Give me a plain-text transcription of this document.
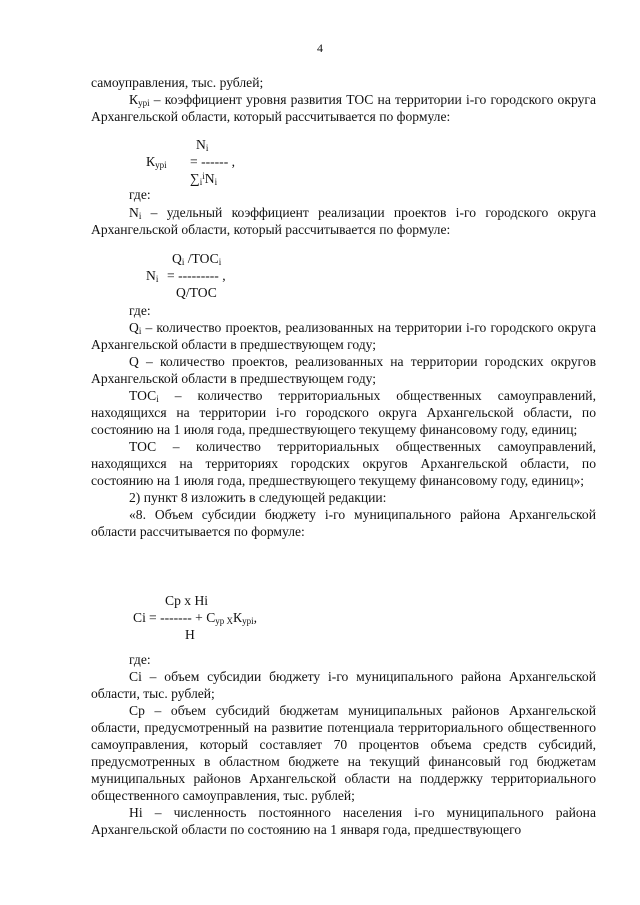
4

самоуправления, тыс. рублей;

$К_{урі}$ – коэффициент уровня развития ТОС на территории і-го городского округа Архангельской области, который рассчитывается по формуле:

$N_i$
$К_{урі}$ = ------ ,
$\sum_i^iN_i$

где:

$N_i$ – удельный коэффициент реализации проектов і-го городского округа Архангельской области, который рассчитывается по формуле:

$Q_i$ $/ТОС_i$
$N_i$ = --------- ,
Q/ТОС

где:

$Q_i$ – количество проектов, реализованных на территории і-го городского округа Архангельской области в предшествующем году;

Q – количество проектов, реализованных на территории городских округов Архангельской области в предшествующем году;

$ТОС_і$ – количество территориальных общественных самоуправлений, находящихся на территории і-го городского округа Архангельской области, по состоянию на 1 июля года, предшествующего текущему финансовому году, единиц;

ТОС – количество территориальных общественных самоуправлений, находящихся на территориях городских округов Архангельской области, по состоянию на 1 июля года, предшествующего текущему финансовому году, единиц»;

2) пункт 8 изложить в следующей редакции:

«8. Объем субсидии бюджету і-го муниципального района Архангельской области рассчитывается по формуле:

Ср х Нi
Сi = ------- + $С_{ур Х}К_{урі}$,
Н

где:

Сi – объем субсидии бюджету і-го муниципального района Архангельской области, тыс. рублей;

Ср – объем субсидий бюджетам муниципальных районов Архангельской области, предусмотренный на развитие потенциала территориального общественного самоуправления, который составляет 70 процентов объема средств субсидий, предусмотренных в областном бюджете на текущий финансовый год бюджетам муниципальных районов Архангельской области на поддержку территориального общественного самоуправления, тыс. рублей;

Нi – численность постоянного населения і-го муниципального района Архангельской области по состоянию на 1 января года, предшествующего
